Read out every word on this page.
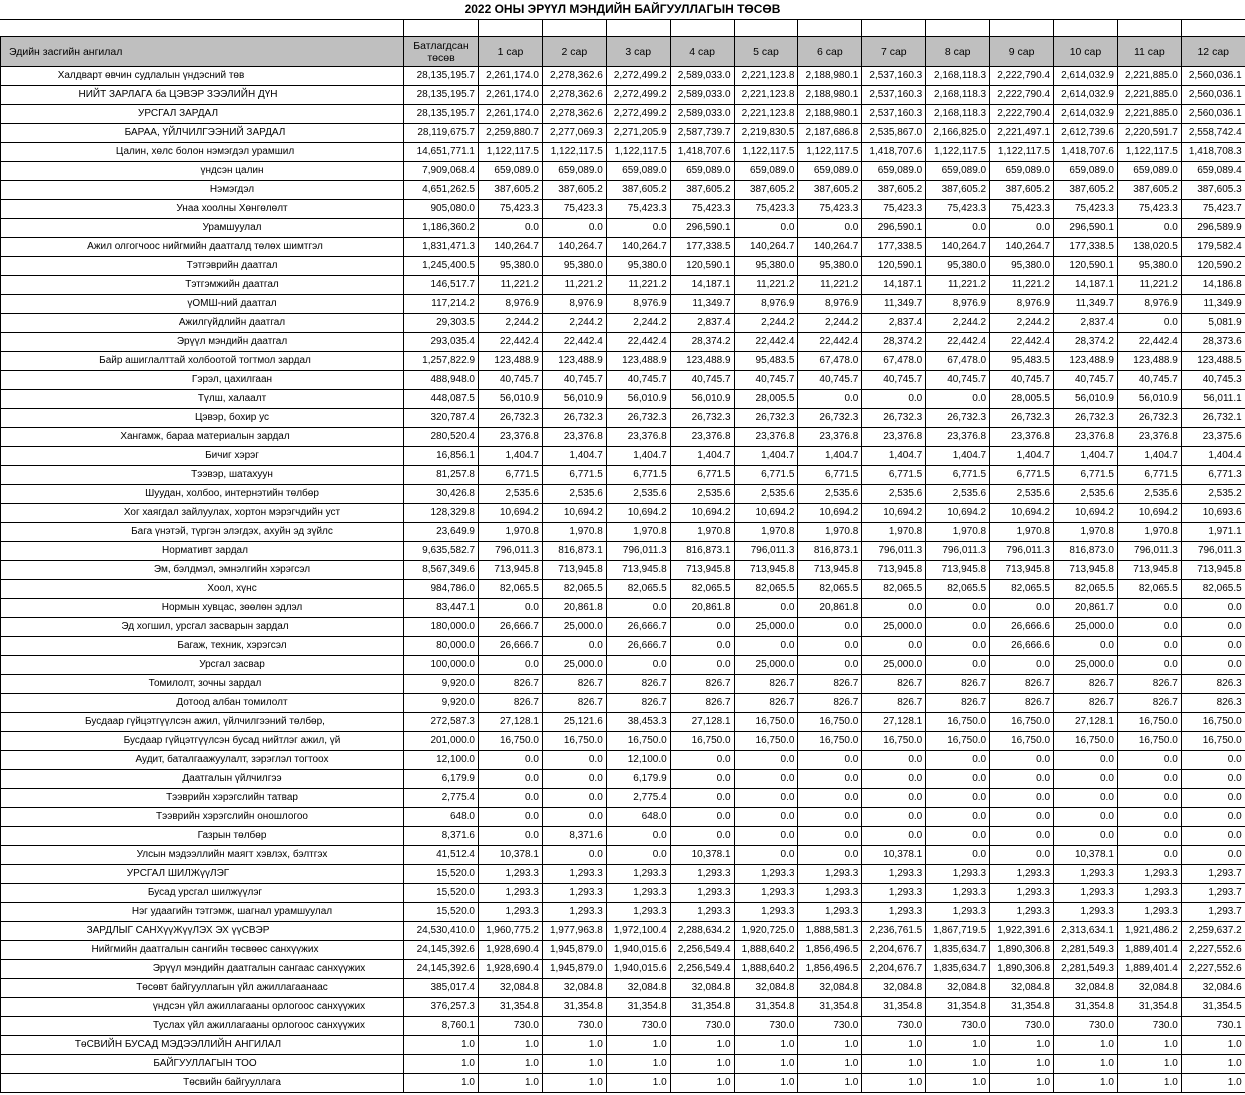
2022 ОНЫ ЭРҮҮЛ МЭНДИЙН БАЙГУУЛЛАГЫН ТӨСӨВ

Эдийн засгийн ангилал	Батлагдсан төсөв	1 сар	2 сар	3 сар	4 сар	5 сар	6 сар	7 сар	8 сар	9 сар	10 сар	11 сар	12 сар

Халдварт өвчин судлалын үндэсний төв	28,135,195.7	2,261,174.0	2,278,362.6	2,272,499.2	2,589,033.0	2,221,123.8	2,188,980.1	2,537,160.3	2,168,118.3	2,222,790.4	2,614,032.9	2,221,885.0	2,560,036.1

НИЙТ ЗАРЛАГА ба ЦЭВЭР ЗЭЭЛИЙН ДҮН	28,135,195.7	2,261,174.0	2,278,362.6	2,272,499.2	2,589,033.0	2,221,123.8	2,188,980.1	2,537,160.3	2,168,118.3	2,222,790.4	2,614,032.9	2,221,885.0	2,560,036.1

УРСГАЛ ЗАРДАЛ	28,135,195.7	2,261,174.0	2,278,362.6	2,272,499.2	2,589,033.0	2,221,123.8	2,188,980.1	2,537,160.3	2,168,118.3	2,222,790.4	2,614,032.9	2,221,885.0	2,560,036.1

БАРАА, ҮЙЛЧИЛГЭЭНИЙ ЗАРДАЛ	28,119,675.7	2,259,880.7	2,277,069.3	2,271,205.9	2,587,739.7	2,219,830.5	2,187,686.8	2,535,867.0	2,166,825.0	2,221,497.1	2,612,739.6	2,220,591.7	2,558,742.4

Цалин, хөлс болон нэмэгдэл урамшил	14,651,771.1	1,122,117.5	1,122,117.5	1,122,117.5	1,418,707.6	1,122,117.5	1,122,117.5	1,418,707.6	1,122,117.5	1,122,117.5	1,418,707.6	1,122,117.5	1,418,708.3

үндсэн цалин	7,909,068.4	659,089.0	659,089.0	659,089.0	659,089.0	659,089.0	659,089.0	659,089.0	659,089.0	659,089.0	659,089.0	659,089.0	659,089.4

Нэмэгдэл	4,651,262.5	387,605.2	387,605.2	387,605.2	387,605.2	387,605.2	387,605.2	387,605.2	387,605.2	387,605.2	387,605.2	387,605.2	387,605.3

Унаа хоолны Хөнгөлөлт	905,080.0	75,423.3	75,423.3	75,423.3	75,423.3	75,423.3	75,423.3	75,423.3	75,423.3	75,423.3	75,423.3	75,423.3	75,423.7

Урамшуулал	1,186,360.2	0.0	0.0	0.0	296,590.1	0.0	0.0	296,590.1	0.0	0.0	296,590.1	0.0	296,589.9

Ажил олгогчоос нийгмийн даатгалд төлөх шимтгэл	1,831,471.3	140,264.7	140,264.7	140,264.7	177,338.5	140,264.7	140,264.7	177,338.5	140,264.7	140,264.7	177,338.5	138,020.5	179,582.4

Тэтгэврийн даатгал	1,245,400.5	95,380.0	95,380.0	95,380.0	120,590.1	95,380.0	95,380.0	120,590.1	95,380.0	95,380.0	120,590.1	95,380.0	120,590.2

Тэтгэмжийн даатгал	146,517.7	11,221.2	11,221.2	11,221.2	14,187.1	11,221.2	11,221.2	14,187.1	11,221.2	11,221.2	14,187.1	11,221.2	14,186.8

үОМШ-ний даатгал	117,214.2	8,976.9	8,976.9	8,976.9	11,349.7	8,976.9	8,976.9	11,349.7	8,976.9	8,976.9	11,349.7	8,976.9	11,349.9

Ажилгүйдлийн даатгал	29,303.5	2,244.2	2,244.2	2,244.2	2,837.4	2,244.2	2,244.2	2,837.4	2,244.2	2,244.2	2,837.4	0.0	5,081.9

Эрүүл мэндийн даатгал	293,035.4	22,442.4	22,442.4	22,442.4	28,374.2	22,442.4	22,442.4	28,374.2	22,442.4	22,442.4	28,374.2	22,442.4	28,373.6

Байр ашиглалттай холбоотой тогтмол зардал	1,257,822.9	123,488.9	123,488.9	123,488.9	123,488.9	95,483.5	67,478.0	67,478.0	67,478.0	95,483.5	123,488.9	123,488.9	123,488.5

Гэрэл, цахилгаан	488,948.0	40,745.7	40,745.7	40,745.7	40,745.7	40,745.7	40,745.7	40,745.7	40,745.7	40,745.7	40,745.7	40,745.7	40,745.3

Түлш, халаалт	448,087.5	56,010.9	56,010.9	56,010.9	56,010.9	28,005.5	0.0	0.0	0.0	28,005.5	56,010.9	56,010.9	56,011.1

Цэвэр, бохир ус	320,787.4	26,732.3	26,732.3	26,732.3	26,732.3	26,732.3	26,732.3	26,732.3	26,732.3	26,732.3	26,732.3	26,732.3	26,732.1

Хангамж, бараа материалын зардал	280,520.4	23,376.8	23,376.8	23,376.8	23,376.8	23,376.8	23,376.8	23,376.8	23,376.8	23,376.8	23,376.8	23,376.8	23,375.6

Бичиг хэрэг	16,856.1	1,404.7	1,404.7	1,404.7	1,404.7	1,404.7	1,404.7	1,404.7	1,404.7	1,404.7	1,404.7	1,404.7	1,404.4

Тээвэр, шатахуун	81,257.8	6,771.5	6,771.5	6,771.5	6,771.5	6,771.5	6,771.5	6,771.5	6,771.5	6,771.5	6,771.5	6,771.5	6,771.3

Шуудан, холбоо, интернэтийн төлбөр	30,426.8	2,535.6	2,535.6	2,535.6	2,535.6	2,535.6	2,535.6	2,535.6	2,535.6	2,535.6	2,535.6	2,535.6	2,535.2

Хог хаягдал зайлуулах, хортон мэрэгчдийн уст	128,329.8	10,694.2	10,694.2	10,694.2	10,694.2	10,694.2	10,694.2	10,694.2	10,694.2	10,694.2	10,694.2	10,694.2	10,693.6

Бага үнэтэй, түргэн элэгдэх, ахуйн эд зүйлс	23,649.9	1,970.8	1,970.8	1,970.8	1,970.8	1,970.8	1,970.8	1,970.8	1,970.8	1,970.8	1,970.8	1,970.8	1,971.1

Нормативт зардал	9,635,582.7	796,011.3	816,873.1	796,011.3	816,873.1	796,011.3	816,873.1	796,011.3	796,011.3	796,011.3	816,873.0	796,011.3	796,011.3

Эм, бэлдмэл, эмнэлгийн хэрэгсэл	8,567,349.6	713,945.8	713,945.8	713,945.8	713,945.8	713,945.8	713,945.8	713,945.8	713,945.8	713,945.8	713,945.8	713,945.8	713,945.8

Хоол, хүнс	984,786.0	82,065.5	82,065.5	82,065.5	82,065.5	82,065.5	82,065.5	82,065.5	82,065.5	82,065.5	82,065.5	82,065.5	82,065.5

Нормын хувцас, зөөлөн эдлэл	83,447.1	0.0	20,861.8	0.0	20,861.8	0.0	20,861.8	0.0	0.0	0.0	20,861.7	0.0	0.0

Эд хогшил, урсгал засварын зардал	180,000.0	26,666.7	25,000.0	26,666.7	0.0	25,000.0	0.0	25,000.0	0.0	26,666.6	25,000.0	0.0	0.0

Багаж, техник, хэрэгсэл	80,000.0	26,666.7	0.0	26,666.7	0.0	0.0	0.0	0.0	0.0	26,666.6	0.0	0.0	0.0

Урсгал засвар	100,000.0	0.0	25,000.0	0.0	0.0	25,000.0	0.0	25,000.0	0.0	0.0	25,000.0	0.0	0.0

Томилолт, зочны зардал	9,920.0	826.7	826.7	826.7	826.7	826.7	826.7	826.7	826.7	826.7	826.7	826.7	826.3

Дотоод албан томилолт	9,920.0	826.7	826.7	826.7	826.7	826.7	826.7	826.7	826.7	826.7	826.7	826.7	826.3

Бусдаар гүйцэтгүүлсэн ажил, үйлчилгээний төлбөр,	272,587.3	27,128.1	25,121.6	38,453.3	27,128.1	16,750.0	16,750.0	27,128.1	16,750.0	16,750.0	27,128.1	16,750.0	16,750.0

Бусдаар гүйцэтгүүлсэн бусад нийтлэг ажил, үй	201,000.0	16,750.0	16,750.0	16,750.0	16,750.0	16,750.0	16,750.0	16,750.0	16,750.0	16,750.0	16,750.0	16,750.0	16,750.0

Аудит, баталгаажуулалт, зэрэглэл тогтоох	12,100.0	0.0	0.0	12,100.0	0.0	0.0	0.0	0.0	0.0	0.0	0.0	0.0	0.0

Даатгалын үйлчилгээ	6,179.9	0.0	0.0	6,179.9	0.0	0.0	0.0	0.0	0.0	0.0	0.0	0.0	0.0

Тээврийн хэрэгслийн татвар	2,775.4	0.0	0.0	2,775.4	0.0	0.0	0.0	0.0	0.0	0.0	0.0	0.0	0.0

Тээврийн хэрэгслийн оношлогоо	648.0	0.0	0.0	648.0	0.0	0.0	0.0	0.0	0.0	0.0	0.0	0.0	0.0

Газрын төлбөр	8,371.6	0.0	8,371.6	0.0	0.0	0.0	0.0	0.0	0.0	0.0	0.0	0.0	0.0

Улсын мэдээллийн маягт хэвлэх, бэлтгэх	41,512.4	10,378.1	0.0	0.0	10,378.1	0.0	0.0	10,378.1	0.0	0.0	10,378.1	0.0	0.0

УРСГАЛ ШИЛЖүүЛЭГ	15,520.0	1,293.3	1,293.3	1,293.3	1,293.3	1,293.3	1,293.3	1,293.3	1,293.3	1,293.3	1,293.3	1,293.3	1,293.7

Бусад урсгал шилжүүлэг	15,520.0	1,293.3	1,293.3	1,293.3	1,293.3	1,293.3	1,293.3	1,293.3	1,293.3	1,293.3	1,293.3	1,293.3	1,293.7

Нэг удаагийн тэтгэмж, шагнал урамшуулал	15,520.0	1,293.3	1,293.3	1,293.3	1,293.3	1,293.3	1,293.3	1,293.3	1,293.3	1,293.3	1,293.3	1,293.3	1,293.7

ЗАРДЛЫГ САНХүүЖүүЛЭХ ЭХ үүСВЭР	24,530,410.0	1,960,775.2	1,977,963.8	1,972,100.4	2,288,634.2	1,920,725.0	1,888,581.3	2,236,761.5	1,867,719.5	1,922,391.6	2,313,634.1	1,921,486.2	2,259,637.2

Нийгмийн даатгалын сангийн төсвөөс санхүүжих	24,145,392.6	1,928,690.4	1,945,879.0	1,940,015.6	2,256,549.4	1,888,640.2	1,856,496.5	2,204,676.7	1,835,634.7	1,890,306.8	2,281,549.3	1,889,401.4	2,227,552.6

Эрүүл мэндийн даатгалын сангаас санхүүжих	24,145,392.6	1,928,690.4	1,945,879.0	1,940,015.6	2,256,549.4	1,888,640.2	1,856,496.5	2,204,676.7	1,835,634.7	1,890,306.8	2,281,549.3	1,889,401.4	2,227,552.6

Төсөвт байгууллагын үйл ажиллагаанаас	385,017.4	32,084.8	32,084.8	32,084.8	32,084.8	32,084.8	32,084.8	32,084.8	32,084.8	32,084.8	32,084.8	32,084.8	32,084.6

үндсэн үйл ажиллагааны орлогоос санхүүжих	376,257.3	31,354.8	31,354.8	31,354.8	31,354.8	31,354.8	31,354.8	31,354.8	31,354.8	31,354.8	31,354.8	31,354.8	31,354.5

Туслах үйл ажиллагааны орлогоос санхүүжих	8,760.1	730.0	730.0	730.0	730.0	730.0	730.0	730.0	730.0	730.0	730.0	730.0	730.1

ТөСВИЙН БУСАД МЭДЭЭЛЛИЙН АНГИЛАЛ	1.0	1.0	1.0	1.0	1.0	1.0	1.0	1.0	1.0	1.0	1.0	1.0	1.0

БАЙГУУЛЛАГЫН ТОО	1.0	1.0	1.0	1.0	1.0	1.0	1.0	1.0	1.0	1.0	1.0	1.0	1.0

Төсвийн байгууллага	1.0	1.0	1.0	1.0	1.0	1.0	1.0	1.0	1.0	1.0	1.0	1.0	1.0
